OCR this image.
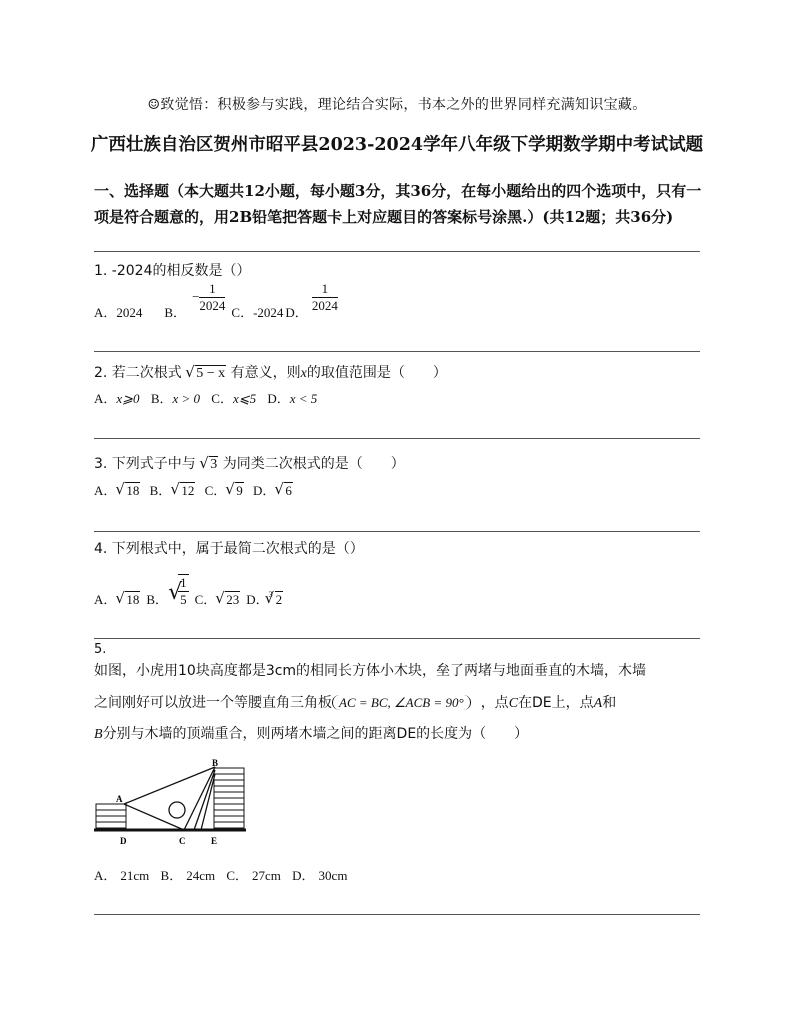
☺致觉悟：积极参与实践，理论结合实际，书本之外的世界同样充满知识宝藏。
广西壮族自治区贺州市昭平县2023-2024学年八年级下学期数学期中考试试题
一、选择题（本大题共12小题，每小题3分，其36分，在每小题给出的四个选项中，只有一项是符合题意的，用2B铅笔把答题卡上对应题目的答案标号涂黑.）(共12题；共36分)
1. -2024的相反数是（）
A．2024 B．
− $\frac{1}{2024}$ C．-2024 D． $\frac{1}{2024}$
2. 若二次根式 √ 5 − x 有意义，则x的取值范围是（　　）
A．x⩾0 B．x > 0 C．x⩽5 D．x < 5
3. 下列式子中与 √ 3 为同类二次根式的是（　　）
A． √ 18 B． √ 12 C． √ 9 D． √ 6
4. 下列根式中，属于最简二次根式的是（）
A． √ 18 B． √
$\frac{1}{5}$ C． √ 23 D．$^3$ √ 2
5.
如图，小虎用10块高度都是3cm的相同长方体小木块，垒了两堵与地面垂直的木墙，木墙
之间刚好可以放进一个等腰直角三角板 AC = BC, ∠ACB = 90° ，点C在DE上，点A和
B分别与木墙的顶端重合，则两堵木墙之间的距离DE的长度为（　　）
A
B
C
D	E
A． 21cm B． 24cm C． 27cm D． 30cm
